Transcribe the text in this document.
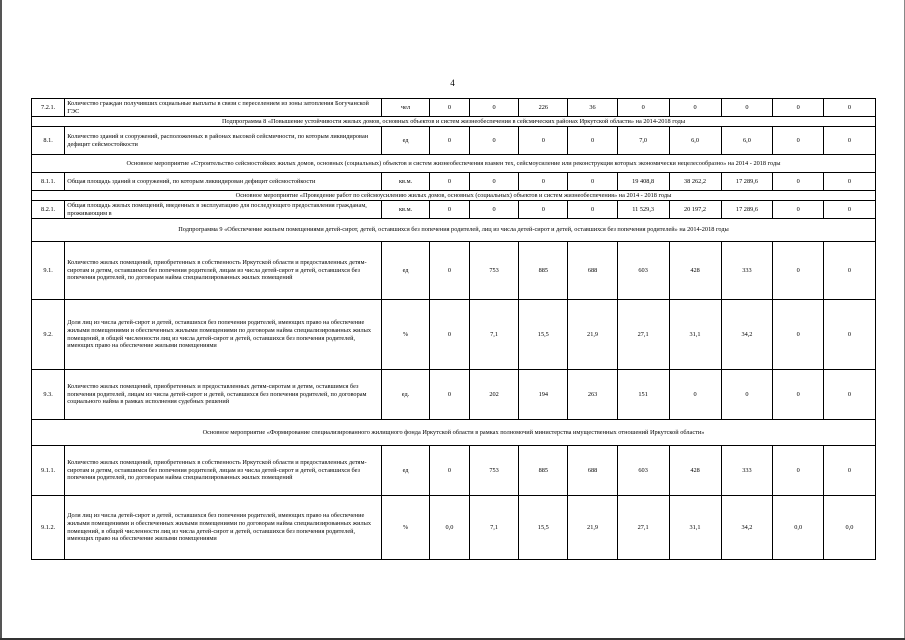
4
7.2.1.	Количество граждан получивших социальные выплаты в связи с переселением из зоны затопления Богучанской ГЭС	чел	0	0	226	36	0	0	0	0	0
Подпрограмма 8 «Повышение устойчивости жилых домов, основных объектов и систем жизнеобеспечения в сейсмических районах Иркутской области» на 2014-2018 годы											
8.1.	Количество зданий и сооружений, расположенных в районах высокой сейсмичности, по которым ликвидирован дефицит сейсмостойкости	ед	0	0	0	0	7,0	6,0	6,0	0	0
Основное мероприятие «Строительство сейсмостойких жилых домов, основных (социальных) объектов и систем жизнеобеспечения взамен тех, сейсмоусиление или реконструкция которых экономически нецелесообразно» на 2014 - 2018 годы											
8.1.1.	Общая площадь зданий и сооружений, по которым ликвидирован дефицит сейсмостойкости	кв.м.	0	0	0	0	19 408,8	38 262,2	17 289,6	0	0
Основное мероприятие «Проведение работ по сейсмоусилению жилых домов, основных (социальных) объектов и систем жизнеобеспечения» на 2014 - 2018 годы											
8.2.1.	Общая площадь жилых помещений, введенных в эксплуатацию для последующего предоставления гражданам, проживающим в	кв.м.	0	0	0	0	11 529,3	20 197,2	17 289,6	0	0
Подпрограмма 9 «Обеспечение жильем помещениями детей-сирот, детей, оставшихся без попечения родителей, лиц из числа детей-сирот и детей, оставшихся без попечения родителей» на 2014-2018 годы											
9.1.	Количество жилых помещений, приобретенных в собственность Иркутской области и предоставленных детям-сиротам и детям, оставшимся без попечения родителей, лицам из числа детей-сирот и детей, оставшихся без попечения родителей, по договорам найма специализированных жилых помещений	ед	0	753	885	688	603	428	333	0	0
9.2.	Доля лиц из числа детей-сирот и детей, оставшихся без попечения родителей, имеющих право на обеспечение жилыми помещениями и обеспеченных жилыми помещениями по договорам найма специализированных жилых помещений, в общей численности лиц из числа детей-сирот и детей, оставшихся без попечения родителей, имеющих право на обеспечение жилыми помещениями	%	0	7,1	15,5	21,9	27,1	31,1	34,2	0	0
9.3.	Количество жилых помещений, приобретенных и предоставленных детям-сиротам и детям, оставшимся без попечения родителей, лицам из числа детей-сирот и детей, оставшихся без попечения родителей, по договорам социального найма в рамках исполнения судебных решений	ед.	0	202	194	263	151	0	0	0	0
Основное мероприятие «Формирование специализированного жилищного фонда Иркутской области в рамках полномочий министерства имущественных отношений Иркутской области»											
9.1.1.	Количество жилых помещений, приобретенных в собственность Иркутской области и предоставленных детям-сиротам и детям, оставшимся без попечения родителей, лицам из числа детей-сирот и детей, оставшихся без попечения родителей, по договорам найма специализированных жилых помещений	ед	0	753	885	688	603	428	333	0	0
9.1.2.	Доля лиц из числа детей-сирот и детей, оставшихся без попечения родителей, имеющих право на обеспечение жилыми помещениями и обеспеченных жилыми помещениями по договорам найма специализированных жилых помещений, в общей численности лиц из числа детей-сирот и детей, оставшихся без попечения родителей, имеющих право на обеспечение жилыми помещениями	%	0,0	7,1	15,5	21,9	27,1	31,1	34,2	0,0	0,0
